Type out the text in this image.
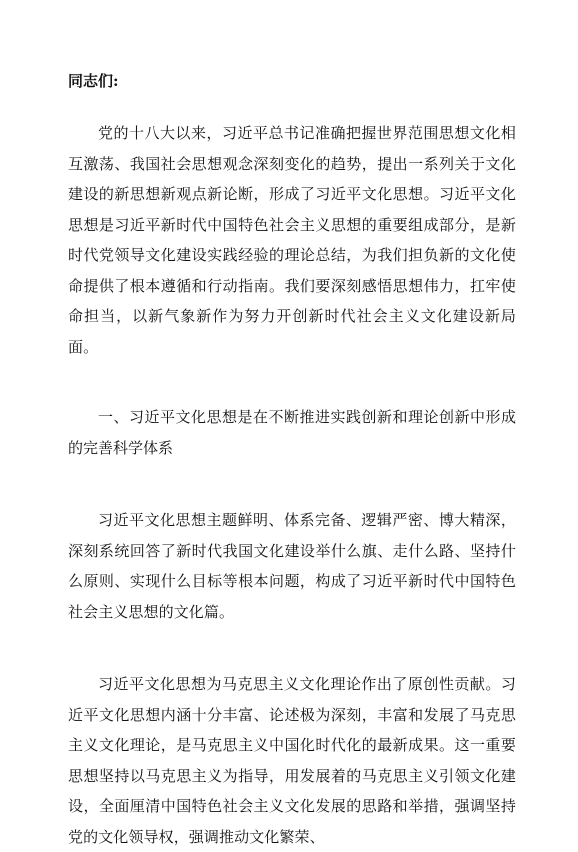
同志们:

党的十八大以来，习近平总书记准确把握世界范围思想文化相互激荡、我国社会思想观念深刻变化的趋势，提出一系列关于文化建设的新思想新观点新论断，形成了习近平文化思想。习近平文化思想是习近平新时代中国特色社会主义思想的重要组成部分，是新时代党领导文化建设实践经验的理论总结，为我们担负新的文化使命提供了根本遵循和行动指南。我们要深刻感悟思想伟力，扛牢使命担当，以新气象新作为努力开创新时代社会主义文化建设新局面。

一、习近平文化思想是在不断推进实践创新和理论创新中形成的完善科学体系

习近平文化思想主题鲜明、体系完备、逻辑严密、博大精深，深刻系统回答了新时代我国文化建设举什么旗、走什么路、坚持什么原则、实现什么目标等根本问题，构成了习近平新时代中国特色社会主义思想的文化篇。

习近平文化思想为马克思主义文化理论作出了原创性贡献。习近平文化思想内涵十分丰富、论述极为深刻，丰富和发展了马克思主义文化理论，是马克思主义中国化时代化的最新成果。这一重要思想坚持以马克思主义为指导，用发展着的马克思主义引领文化建设，全面厘清中国特色社会主义文化发展的思路和举措，强调坚持党的文化领导权，强调推动文化繁荣、
